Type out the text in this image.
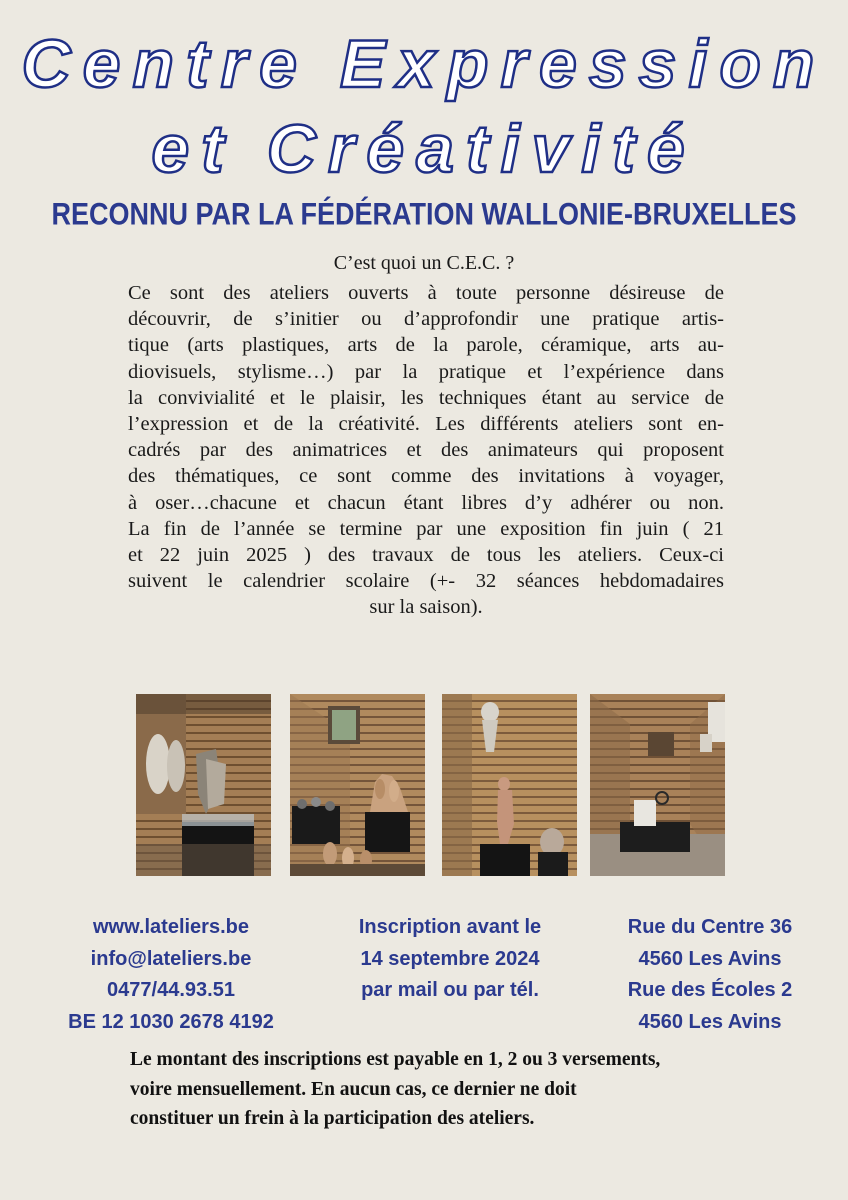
Centre Expression
et Créativité
RECONNU PAR LA FÉDÉRATION WALLONIE-BRUXELLES
C’est quoi un C.E.C. ?
Ce sont des ateliers ouverts à toute personne désireuse de
découvrir, de s’initier ou d’approfondir une pratique artis-
tique (arts plastiques, arts de la parole, céramique, arts au-
diovisuels, stylisme…) par la pratique et l’expérience dans
la convivialité et le plaisir, les techniques étant au service de
l’expression et de la créativité. Les différents ateliers sont en-
cadrés par des animatrices et des animateurs qui proposent
des thématiques, ce sont comme des invitations à voyager,
à oser…chacune et chacun étant libres d’y adhérer ou non.
La fin de l’année se termine par une exposition fin juin ( 21
et 22 juin 2025 ) des travaux de tous les ateliers. Ceux-ci
suivent le calendrier scolaire (+- 32 séances hebdomadaires
sur la saison).
www.lateliers.be
info@lateliers.be
0477/44.93.51
BE 12 1030 2678 4192
Inscription avant le
14 septembre 2024
par mail ou par tél.
Rue du Centre 36
4560 Les Avins
Rue des Écoles 2
4560 Les Avins
Le montant des inscriptions est payable en 1, 2 ou 3 versements,
voire mensuellement. En aucun cas, ce dernier ne doit
constituer un frein à la participation des ateliers.
